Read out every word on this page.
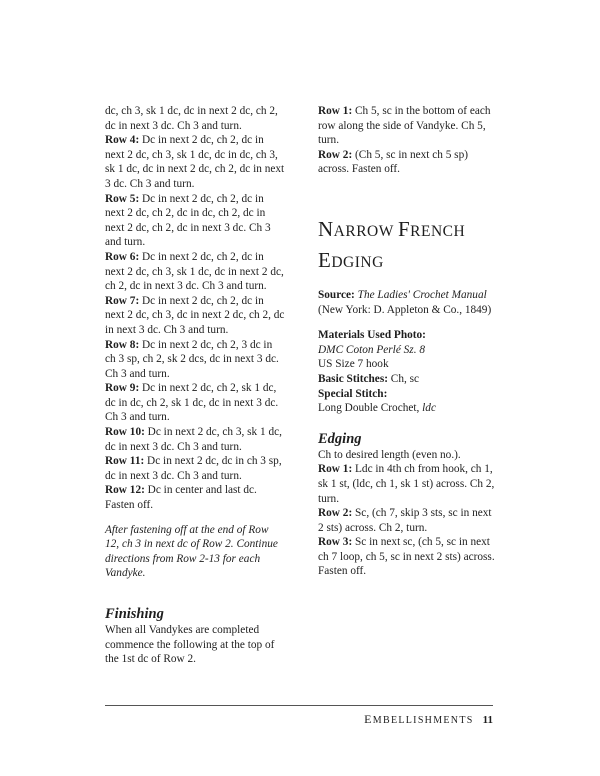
dc, ch 3, sk 1 dc, dc in next 2 dc, ch 2, dc in next 3 dc. Ch 3 and turn.

Row 4: Dc in next 2 dc, ch 2, dc in next 2 dc, ch 3, sk 1 dc, dc in dc, ch 3, sk 1 dc, dc in next 2 dc, ch 2, dc in next 3 dc. Ch 3 and turn.

Row 5: Dc in next 2 dc, ch 2, dc in next 2 dc, ch 2, dc in dc, ch 2, dc in next 2 dc, ch 2, dc in next 3 dc. Ch 3 and turn.

Row 6: Dc in next 2 dc, ch 2, dc in next 2 dc, ch 3, sk 1 dc, dc in next 2 dc, ch 2, dc in next 3 dc. Ch 3 and turn.

Row 7: Dc in next 2 dc, ch 2, dc in next 2 dc, ch 3, dc in next 2 dc, ch 2, dc in next 3 dc. Ch 3 and turn.

Row 8: Dc in next 2 dc, ch 2, 3 dc in ch 3 sp, ch 2, sk 2 dcs, dc in next 3 dc. Ch 3 and turn.

Row 9: Dc in next 2 dc, ch 2, sk 1 dc, dc in dc, ch 2, sk 1 dc, dc in next 3 dc. Ch 3 and turn.

Row 10: Dc in next 2 dc, ch 3, sk 1 dc, dc in next 3 dc. Ch 3 and turn.

Row 11: Dc in next 2 dc, dc in ch 3 sp, dc in next 3 dc. Ch 3 and turn.

Row 12: Dc in center and last dc. Fasten off.

After fastening off at the end of Row 12, ch 3 in next dc of Row 2. Continue directions from Row 2-13 for each Vandyke.

Finishing

When all Vandykes are completed commence the following at the top of the 1st dc of Row 2.

Row 1: Ch 5, sc in the bottom of each row along the side of Vandyke. Ch 5, turn.

Row 2: (Ch 5, sc in next ch 5 sp) across. Fasten off.

NARROW FRENCH
EDGING

Source: The Ladies' Crochet Manual
(New York: D. Appleton & Co., 1849)

Materials Used Photo:
DMC Coton Perlé Sz. 8
US Size 7 hook
Basic Stitches: Ch, sc
Special Stitch:
Long Double Crochet, ldc

Edging

Ch to desired length (even no.).

Row 1: Ldc in 4th ch from hook, ch 1, sk 1 st, (ldc, ch 1, sk 1 st) across. Ch 2, turn.

Row 2: Sc, (ch 7, skip 3 sts, sc in next 2 sts) across. Ch 2, turn.

Row 3: Sc in next sc, (ch 5, sc in next ch 7 loop, ch 5, sc in next 2 sts) across. Fasten off.

EMBELLISHMENTS 11
